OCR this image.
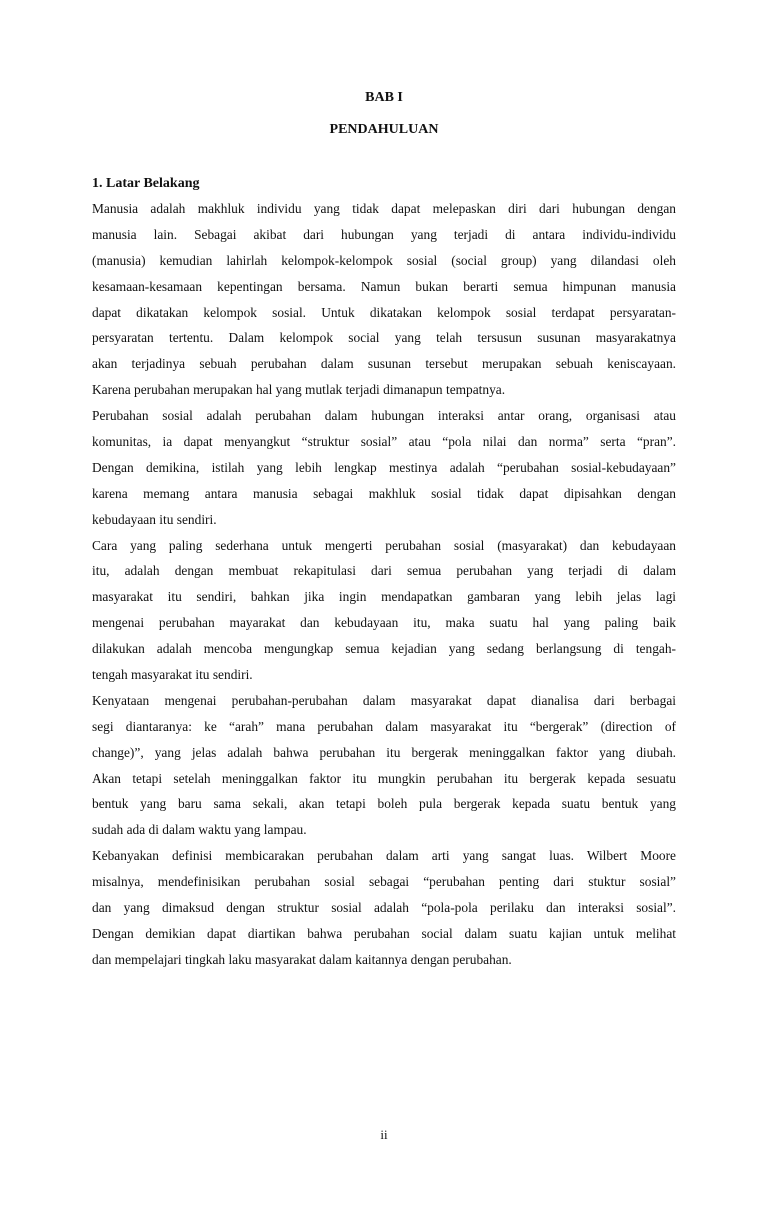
BAB I
PENDAHULUAN
1. Latar Belakang
Manusia adalah makhluk individu yang tidak dapat melepaskan diri dari hubungan dengan
manusia lain. Sebagai akibat dari hubungan yang terjadi di antara individu-individu
(manusia) kemudian lahirlah kelompok-kelompok sosial (social group) yang dilandasi oleh
kesamaan-kesamaan kepentingan bersama. Namun bukan berarti semua himpunan manusia
dapat dikatakan kelompok sosial. Untuk dikatakan kelompok sosial terdapat persyaratan-
persyaratan tertentu. Dalam kelompok social yang telah tersusun susunan masyarakatnya
akan terjadinya sebuah perubahan dalam susunan tersebut merupakan sebuah keniscayaan.
Karena perubahan merupakan hal yang mutlak terjadi dimanapun tempatnya.
Perubahan sosial adalah perubahan dalam hubungan interaksi antar orang, organisasi atau
komunitas, ia dapat menyangkut “struktur sosial” atau “pola nilai dan norma” serta “pran”.
Dengan demikina, istilah yang lebih lengkap mestinya adalah “perubahan sosial-kebudayaan”
karena memang antara manusia sebagai makhluk sosial tidak dapat dipisahkan dengan
kebudayaan itu sendiri.
Cara yang paling sederhana untuk mengerti perubahan sosial (masyarakat) dan kebudayaan
itu, adalah dengan membuat rekapitulasi dari semua perubahan yang terjadi di dalam
masyarakat itu sendiri, bahkan jika ingin mendapatkan gambaran yang lebih jelas lagi
mengenai perubahan mayarakat dan kebudayaan itu, maka suatu hal yang paling baik
dilakukan adalah mencoba mengungkap semua kejadian yang sedang berlangsung di tengah-
tengah masyarakat itu sendiri.
Kenyataan mengenai perubahan-perubahan dalam masyarakat dapat dianalisa dari berbagai
segi diantaranya: ke “arah” mana perubahan dalam masyarakat itu “bergerak” (direction of
change)”, yang jelas adalah bahwa perubahan itu bergerak meninggalkan faktor yang diubah.
Akan tetapi setelah meninggalkan faktor itu mungkin perubahan itu bergerak kepada sesuatu
bentuk yang baru sama sekali, akan tetapi boleh pula bergerak kepada suatu bentuk yang
sudah ada di dalam waktu yang lampau.
Kebanyakan definisi membicarakan perubahan dalam arti yang sangat luas. Wilbert Moore
misalnya, mendefinisikan perubahan sosial sebagai “perubahan penting dari stuktur sosial”
dan yang dimaksud dengan struktur sosial adalah “pola-pola perilaku dan interaksi sosial”.
Dengan demikian dapat diartikan bahwa perubahan social dalam suatu kajian untuk melihat
dan mempelajari tingkah laku masyarakat dalam kaitannya dengan perubahan.
ii
